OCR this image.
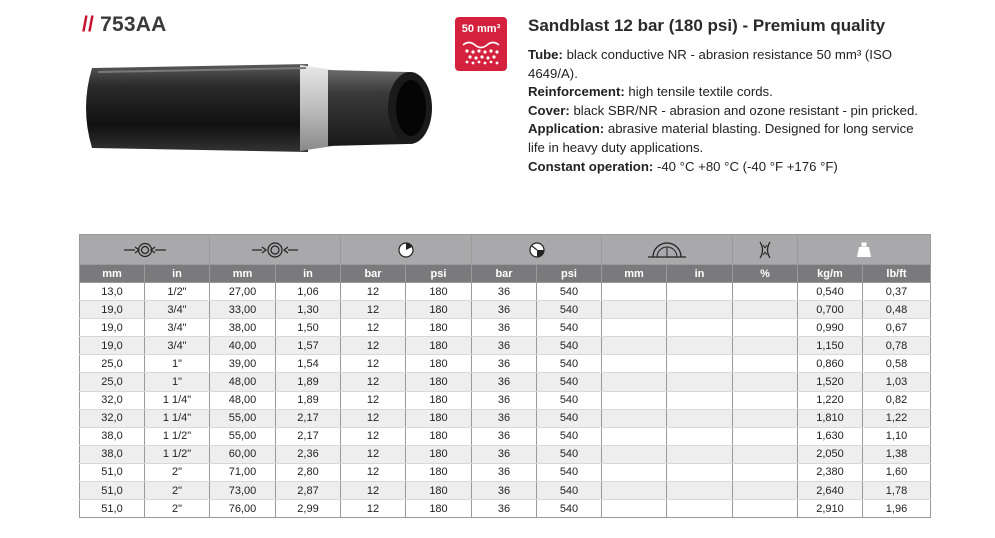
// 753AA	50 mm³	Sandblast 12 bar (180 psi) - Premium quality

Tube: black conductive NR - abrasion resistance 50 mm³ (ISO 4649/A).

Reinforcement: high tensile textile cords.

Cover: black SBR/NR - abrasion and ozone resistant - pin pricked.

Application: abrasive material blasting. Designed for long service life in heavy duty applications.

Constant operation: -40 °C +80 °C (-40 °F +176 °F)

mm	in	mm	in	bar	psi	bar	psi	mm	in	%	kg/m	lb/ft
13,0	1/2"	27,00	1,06	12	180	36	540				0,540	0,37
19,0	3/4"	33,00	1,30	12	180	36	540				0,700	0,48
19,0	3/4"	38,00	1,50	12	180	36	540				0,990	0,67
19,0	3/4"	40,00	1,57	12	180	36	540				1,150	0,78
25,0	1"	39,00	1,54	12	180	36	540				0,860	0,58
25,0	1"	48,00	1,89	12	180	36	540				1,520	1,03
32,0	1 1/4"	48,00	1,89	12	180	36	540				1,220	0,82
32,0	1 1/4"	55,00	2,17	12	180	36	540				1,810	1,22
38,0	1 1/2"	55,00	2,17	12	180	36	540				1,630	1,10
38,0	1 1/2"	60,00	2,36	12	180	36	540				2,050	1,38
51,0	2"	71,00	2,80	12	180	36	540				2,380	1,60
51,0	2"	73,00	2,87	12	180	36	540				2,640	1,78
51,0	2"	76,00	2,99	12	180	36	540				2,910	1,96
